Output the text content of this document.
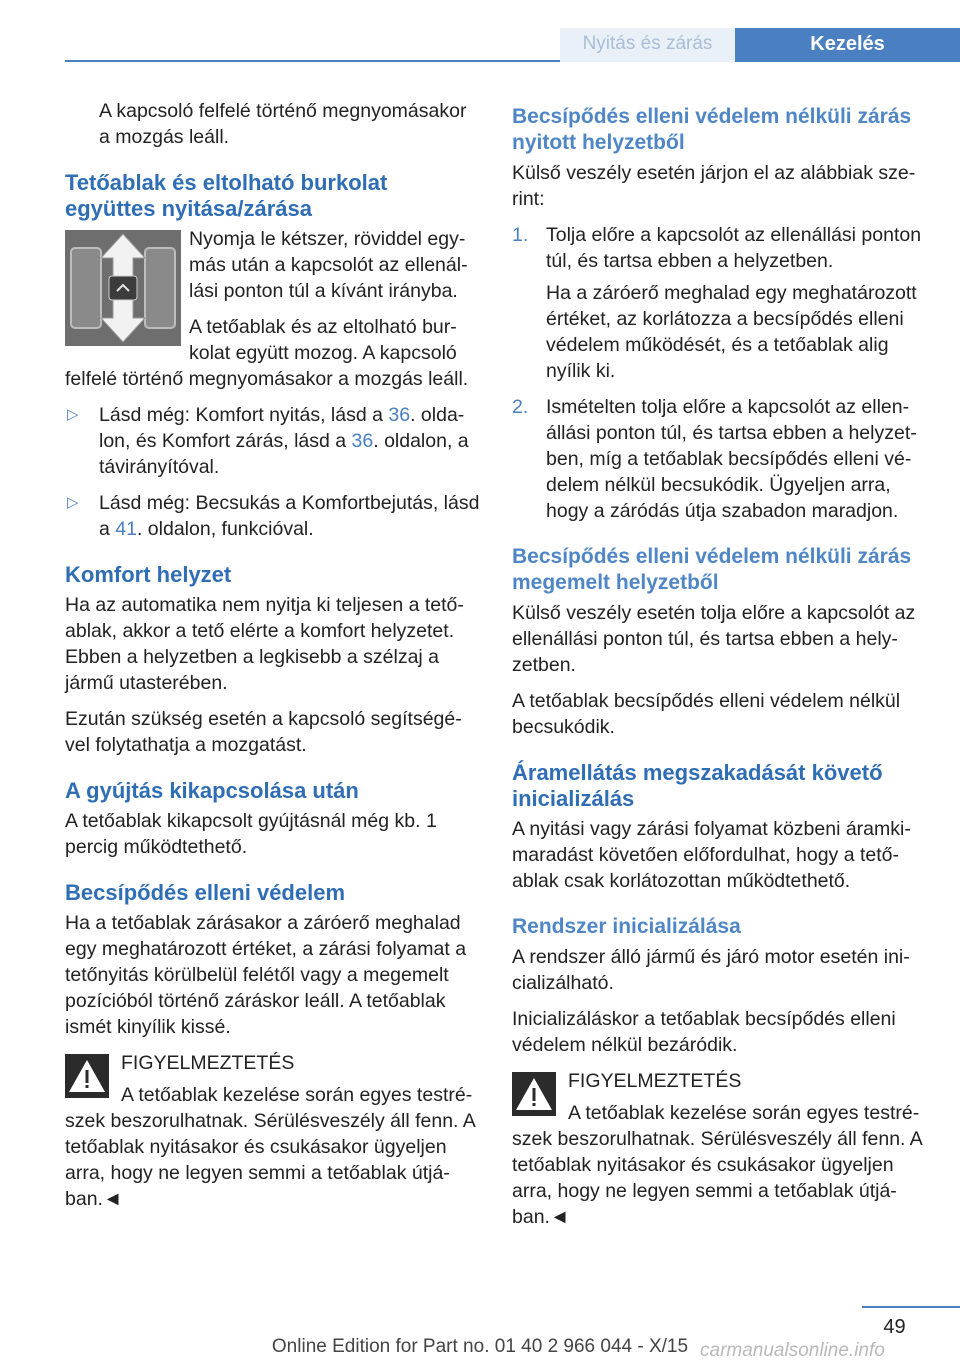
Nyitás és zárás	Kezelés

A kapcsoló felfelé történő megnyomásakor a mozgás leáll.

Tetőablak és eltolható burkolat együttes nyitása/zárása

Nyomja le kétszer, röviddel egy-más után a kapcsolót az ellenál-lási ponton túl a kívánt irányba.

A tetőablak és az eltolható bur-kolat együtt mozog. A kapcsoló felfelé történő megnyomásakor a mozgás leáll.

▷ Lásd még: Komfort nyitás, lásd a 36. olda-lon, és Komfort zárás, lásd a 36. oldalon, a távirányítóval.
▷ Lásd még: Becsukás a Komfortbejutás, lásd a 41. oldalon, funkcióval.
Komfort helyzet

Ha az automatika nem nyitja ki teljesen a tető-ablak, akkor a tető elérte a komfort helyzetet. Ebben a helyzetben a legkisebb a szélzaj a jármű utasterében.

Ezután szükség esetén a kapcsoló segítségé-vel folytathatja a mozgatást.

A gyújtás kikapcsolása után

A tetőablak kikapcsolt gyújtásnál még kb. 1 percig működtethető.

Becsípődés elleni védelem

Ha a tetőablak zárásakor a záróerő meghalad egy meghatározott értéket, a zárási folyamat a tetőnyitás körülbelül felétől vagy a megemelt pozícióból történő záráskor leáll. A tetőablak ismét kinyílik kissé.

FIGYELMEZTETÉS

A tetőablak kezelése során egyes testré-

szek beszorulhatnak. Sérülésveszély áll fenn. A tetőablak nyitásakor és csukásakor ügyeljen arra, hogy ne legyen semmi a tetőablak útjá-ban.◄

Becsípődés elleni védelem nélküli zárás nyitott helyzetből

Külső veszély esetén járjon el az alábbiak sze-rint:

1. Tolja előre a kapcsolót az ellenállási ponton túl, és tartsa ebben a helyzetben.

Ha a záróerő meghalad egy meghatározott értéket, az korlátozza a becsípődés elleni védelem működését, és a tetőablak alig nyílik ki.

2. Ismételten tolja előre a kapcsolót az ellen-állási ponton túl, és tartsa ebben a helyzet-ben, míg a tetőablak becsípődés elleni vé-delem nélkül becsukódik. Ügyeljen arra, hogy a záródás útja szabadon maradjon.

Becsípődés elleni védelem nélküli zárás megemelt helyzetből

Külső veszély esetén tolja előre a kapcsolót az ellenállási ponton túl, és tartsa ebben a hely-zetben.

A tetőablak becsípődés elleni védelem nélkül becsukódik.

Áramellátás megszakadását követő inicializálás

A nyitási vagy zárási folyamat közbeni áramki-maradást követően előfordulhat, hogy a tető-ablak csak korlátozottan működtethető.

Rendszer inicializálása

A rendszer álló jármű és járó motor esetén ini-cializálható.

Inicializáláskor a tetőablak becsípődés elleni védelem nélkül bezáródik.

FIGYELMEZTETÉS

A tetőablak kezelése során egyes testré-

szek beszorulhatnak. Sérülésveszély áll fenn. A tetőablak nyitásakor és csukásakor ügyeljen arra, hogy ne legyen semmi a tetőablak útjá-ban.◄

49
Online Edition for Part no. 01 40 2 966 044 - X/15 carmanualsonline.info
